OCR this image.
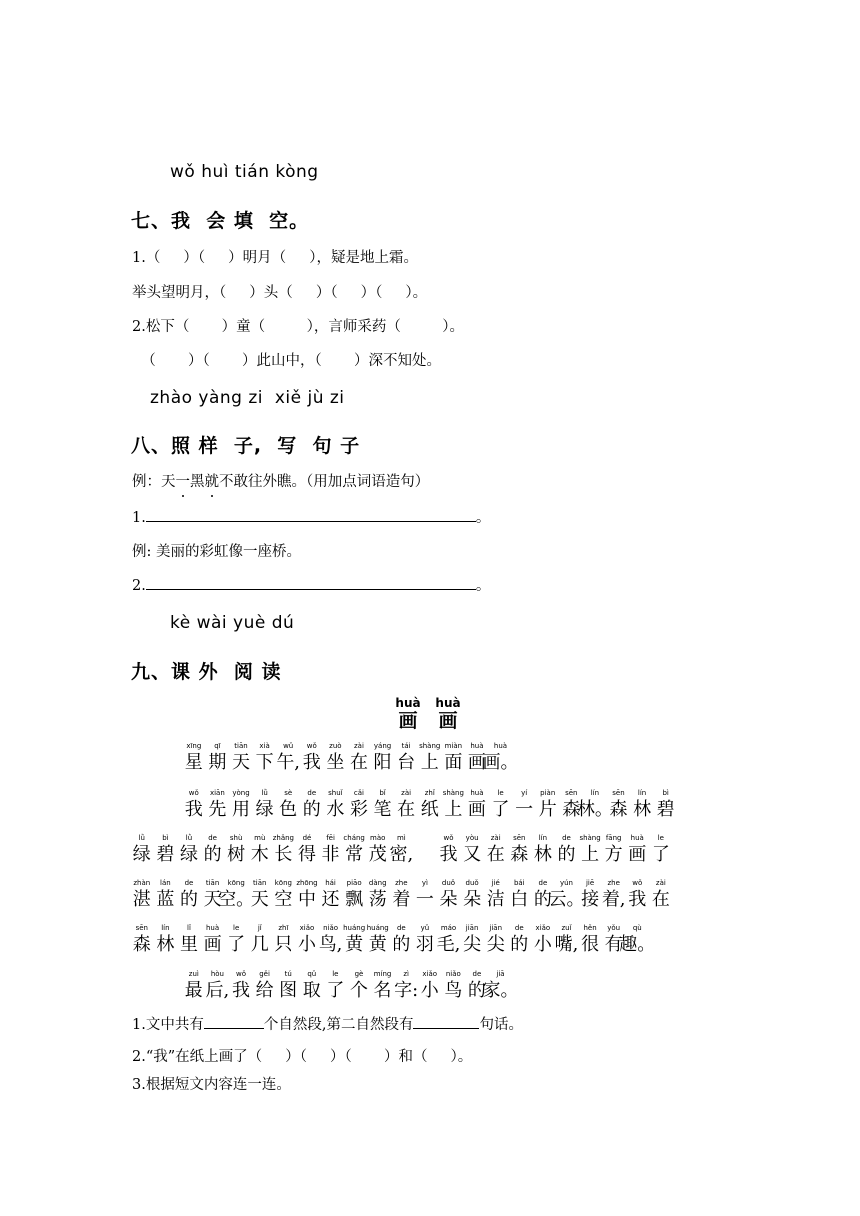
wǒ huì tián kòng
七、我  会 填  空。
1.（     ）（     ）明月（     ），疑是地上霜。
举头望明月，（     ）头（     ）（     ）（     ）。
2.松下（       ）童（         ），言师采药（         ）。
（       ）（       ）此山中，（       ）深不知处。
zhào yàng zi  xiě jù zi
八、照 样  子,  写  句 子
例：天一黑就不敢往外瞧。（用加点词语造句）
1.	。
例: 美丽的彩虹像一座桥。
2.	。
kè wài yuè dú
九、课 外  阅 读
huà
画
huà
画
xīng
星
qī
期
tiān
天
xià
下
wǔ
午,
wǒ
我
zuò
坐
zài
在
yáng
阳
tái
台
shàng
上
miàn
面
huà
画
huà
画。
wǒ
我
xiān
先
yòng
用
lǜ
绿
sè
色
de
的
shuǐ
水
cǎi
彩
bǐ
笔
zài
在
zhǐ
纸
shàng
上
huà
画
le
了
yí
一
piàn
片
sēn
森
lín
林。
sēn
森
lín
林
bì
碧
lǜ
绿
bì
碧
lǜ
绿
de
的
shù
树
mù
木
zhǎng
长
dé
得
fēi
非
cháng
常
mào
茂
mì
密,
wǒ
我
yòu
又
zài
在
sēn
森
lín
林
de
的
shàng
上
fāng
方
huà
画
le
了
zhàn
湛
lán
蓝
de
的
tiān
天
kōng
空。
tiān
天
kōng
空
zhōng
中
hái
还
piāo
飘
dàng
荡
zhe
着
yì
一
duǒ
朵
duǒ
朵
jié
洁
bái
白
de
的
yún
云。
jiē
接
zhe
着,
wǒ
我
zài
在
sēn
森
lín
林
lǐ
里
huà
画
le
了
jǐ
几
zhī
只
xiǎo
小
niǎo
鸟,
huáng
黄
huáng
黄
de
的
yǔ
羽
máo
毛,
jiān
尖
jiān
尖
de
的
xiǎo
小
zuǐ
嘴,
hěn
很
yǒu
有
qù
趣。
zuì
最
hòu
后,
wǒ
我
gěi
给
tú
图
qǔ
取
le
了
gè
个
míng
名
zì
字:
xiǎo
小
niǎo
鸟
de
的
jiā
家。
1.文中共有	个自然段,第二自然段有	句话。
2.“我”在纸上画了（     ）（     ）（       ）和（     ）。
3.根据短文内容连一连。
